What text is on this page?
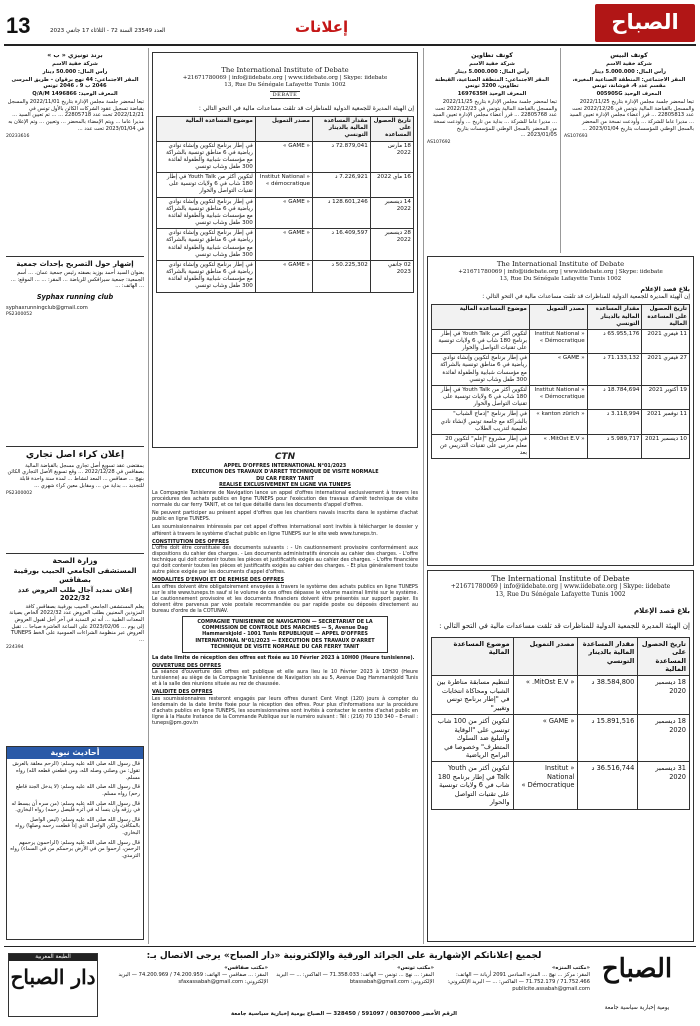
13	العدد 23549 السنة 72 - الثلاثاء 17 جانفي 2023	إعلانات	الصباح

برند تونيزي « ب »

شركة خفية الاسم

رأس المال: 50.000 دينار

المقر الاجتماعي: 44 نهج برقوان – طريق المرسى 2046 ب 9 ، 2046 تونس

المعرف الوحيد: 1496866 Q/A/M

تبعا لمحضر جلسة مجلس الإدارة بتاريخ 2022/11/01 والمسجل بقباضة تسجيل عقود الشركات الكائن بالأول تونس في 2022/12/21 تحت عدد 22805718 ... ... تم تعيين السيد ... مديرا عاما ... ويتم الإمضاء بالمحضر ... وتعيين ... وتم الإعلان به في 2023/01/04 تحت عدد ...

20233616

إشهار حول التصريح بإحداث جمعية

بعنوان السيد أحمد بوزيد بصفته رئيس جمعية عمان. ... أسم الجمعية: جمعية سيرافكس للرياضة ... المقر: ... ... الموقع: ... ... الهاتف: ...

Syphax running club

syphaxrunningclub@gmail.com

PS2300052

إعلان كراء أصل تجاري

بمقتضى عقد تسويغ أصل تجاري مسجل بالقباضة المالية بصفاقس في 2022/12/28 ... وقع تسويغ الأصل التجاري الكائن بنهج ... صفاقس ... المعد لنشاط ... لمدة سنة واحدة قابلة للتجديد ... بداية من ... ومقابل معين كراء شهري ...

PS2300002

وزارة الصحة

المستشفى الجامعي الحبيب بورقيبة بصفاقس

إعلان تمديد آجال طلب العروض عدد 2022/32

يعلم المستشفى الجامعي الحبيب بورقيبة بصفاقس كافة المزودين المعنيين بطلب العروض عدد 2022/32 الخاص بصيانة المعدات الطبية ... أنه تم التمديد في آخر أجل لقبول العروض إلى يوم ... 2023/02/06 على الساعة العاشرة صباحا ... تقبل العروض عبر منظومة الشراءات العمومية على الخط TUNEPS ...

224394

أحاديث نبوية

قال رسول الله صلى الله عليه وسلم: (الرحم معلقة بالعرش تقول: من وصلني وصله الله، ومن قطعني قطعه الله) رواه مسلم.

قال رسول الله صلى الله عليه وسلم: (لا يدخل الجنة قاطع رحم) رواه مسلم.

قال رسول الله صلى الله عليه وسلم: (من سره أن يبسط له في رزقه وأن ينسأ له في أثره فليصل رحمه) رواه البخاري.

قال رسول الله صلى الله عليه وسلم: (ليس الواصل بالمكافئ، ولكن الواصل الذي إذا قطعت رحمه وصلها) رواه البخاري.

قال رسول الله صلى الله عليه وسلم: (الراحمون يرحمهم الرحمن، ارحموا من في الأرض يرحمكم من في السماء) رواه الترمذي.

The International Institute of Debate

+21671780069 | info@iidebate.org | www.iidebate.org | Skype: iidebate

13, Rue Du Sénégale Lafayette Tunis 1002

DEBATE

إن الهيئة المديرة للجمعية الدولية للمناظرات قد تلقت مساعدات مالية في التحو التالي :

تاريخ الحصول على المساعدة	مقدار المساعدة المالية بالدينار التونسي	مصدر التمويل	موضوع المساعدة المالية
18 مارس 2022	72.879,041 د	« GAME »	في إطار برنامج لتكوين وإنشاء نوادي رياضية في 6 مناطق تونسية بالشراكة مع مؤسسات شبابية والطفولة لفائدة 300 طفل وشاب تونسي
16 ماي 2022	7.226,921 د	« Institut National démocratique »	لتكوين أكثر من Youth Talk في إطار 180 شاب في 6 ولايات تونسية على تقنيات التواصل والحوار
14 ديسمبر 2022	128.601,246 د	« GAME »	في إطار برنامج لتكوين وإنشاء نوادي رياضية في 6 مناطق تونسية بالشراكة مع مؤسسات شبابية والطفولة لفائدة 300 طفل وشاب تونسي
28 ديسمبر 2022	16.409,597 د	« GAME »	في إطار برنامج لتكوين وإنشاء نوادي رياضية في 6 مناطق تونسية بالشراكة مع مؤسسات شبابية والطفولة لفائدة 300 طفل وشاب تونسي
02 جانفي 2023	50.225,302 د	« GAME »	في إطار برنامج لتكوين وإنشاء نوادي رياضية في 6 مناطق تونسية بالشراكة مع مؤسسات شبابية والطفولة لفائدة 300 طفل وشاب تونسي
CTN
APPEL D'OFFRES INTERNATIONAL N°01/2023
EXECUTION DES TRAVAUX D'ARRET TECHNIQUE DE VISITE NORMALE
DU CAR FERRY TANIT
REALISE EXCLUSIVEMENT EN LIGNE VIA TUNEPS

La Compagnie Tunisienne de Navigation lance un appel d'offres international exclusivement à travers les procédures des achats publics en ligne TUNEPS pour l'exécution des travaux d'arrêt technique de visite normale du car ferry TANIT, et ce tel que détaillé dans les documents d'appel d'offres.

Ne peuvent participer au présent appel d'offres que les chantiers navals inscrits dans le système d'achat public en ligne TUNEPS.

Les soumissionnaires intéressés par cet appel d'offres international sont invités à télécharger le dossier y afférent à travers le système d'achat public en ligne TUNEPS sur le site web www.tuneps.tn.

CONSTITUTION DES OFFRES

L'offre doit être constituée des documents suivants : - Un cautionnement provisoire conformément aux dispositions du cahier des charges. - Les documents administratifs énoncés au cahier des charges. - L'offre technique qui doit contenir toutes les pièces et justificatifs exigés au cahier des charges. - L'offre financière qui doit contenir toutes les pièces et justificatifs exigés au cahier des charges. - Et plus généralement toute autre pièce exigée par les documents d'appel d'offres.

MODALITES D'ENVOI ET DE REMISE DES OFFRES

Les offres doivent être obligatoirement envoyées à travers le système des achats publics en ligne TUNEPS sur le site www.tuneps.tn sauf si le volume de ces offres dépasse le volume maximal limité sur le système. Le cautionnement provisoire et les documents financiers doivent être présentés sur support papier. Ils doivent être parvenus par voie postale recommandée ou par rapide poste ou déposés directement au bureau d'ordre de la COTUNAV.

COMPAGNIE TUNISIENNE DE NAVIGATION — SECRETARIAT DE LA COMMISSION DE CONTROLE DES MARCHES — 5, Avenue Dag Hammarskjold - 1001 Tunis REPUBLIQUE — APPEL D'OFFRES INTERNATIONAL N°01/2023 — EXECUTION DES TRAVAUX D'ARRET TECHNIQUE DE VISITE NORMALE DU CAR FERRY TANIT

La date limite de réception des offres est fixée au 10 Février 2023 à 10H00 (Heure tunisienne).

OUVERTURE DES OFFRES

La séance d'ouverture des offres est publique et elle aura lieu le 10 Février 2023 à 10H30 (Heure tunisienne) au siège de la Compagnie Tunisienne de Navigation sis au 5, Avenue Dag Hammarskjold Tunis et à la salle des réunions située au rez de chaussée.

VALIDITE DES OFFRES

Les soumissionnaires resteront engagés par leurs offres durant Cent Vingt (120) jours à compter du lendemain de la date limite fixée pour la réception des offres. Pour plus d'informations sur la procédure d'achats publics en ligne TUNEPS, les soumissionnaires sont invités à contacter le centre d'achat public en ligne à la Haute Instance de la Commande Publique sur le numéro suivant : Tél : (216) 70 130 340 – E-mail : tuneps@pm.gov.tn

كونف تطاوين

شركة خفية الاسم

رأس المال: 5.000.000 دينار

المقر الاجتماعي: المنطقة الصناعية، القيطنة تطاوين، 3200 تونس

المعرف الوحيد 1697635H

تبعا لمحضر جلسة مجلس الإدارة بتاريخ 2022/11/25 والمسجل بالقباضة المالية بتونس في 2022/12/23 تحت عدد 22805768 ... قرر أعضاء مجلس الإدارة تعيين السيد ... مديرا عاما للشركة ... بداية من تاريخ ... وأودعت نسخة من المحضر بالسجل الوطني للمؤسسات بتاريخ 2023/01/05 ...

AS107692

كونف البيس

شركة خفية الاسم

رأس المال: 5.000.000 دينار

المقر الاجتماعي: المنطقة الصناعية المغيرة، مقسم عدد 4، فوشانة، تونس

المعرف الوحيد 005905G

تبعا لمحضر جلسة مجلس الإدارة بتاريخ 2022/11/25 والمسجل بالقباضة المالية بتونس في 2022/12/26 تحت عدد 22805813 ... قرر أعضاء مجلس الإدارة تعيين السيد ... مديرا عاما للشركة ... وأودعت نسخة من المحضر بالسجل الوطني للمؤسسات بتاريخ 2023/01/04 ...

AS107693

The International Institute of Debate

+21671780069 | info@iidebate.org | www.iidebate.org | Skype: iidebate

13, Rue Du Sénégale Lafayette Tunis 1002

بلاغ قصد الإعلام

إن الهيئة المديرة للجمعية الدولية للمناظرات قد تلقت مساعدات مالية في التحو التالي :

تاريخ الحصول على المساعدة المالية	مقدار المساعدة المالية بالدينار التونسي	مصدر التمويل	موضوع المساعدة المالية
11 فيفري 2021	65.955,176 د	« Institut National Démocratique »	لتكوين أكثر من Youth Talk في إطار برنامج 180 شاب في 6 ولايات تونسية على تقنيات التواصل والحوار
27 فيفري 2021	71.133,132 د	« GAME »	في إطار برنامج لتكوين وإنشاء نوادي رياضية في 6 مناطق تونسية بالشراكة مع مؤسسات شبابية والطفولة لفائدة 300 طفل وشاب تونسي
19 أكتوبر 2021	18.784,694 د	« Institut National Démocratique »	لتكوين أكثر من Youth Talk في إطار 180 شاب في 6 ولايات تونسية على تقنيات التواصل والحوار
11 نوفمبر 2021	3.118,994 د	« kanton zürich »	في إطار برنامج "إدماج الشباب" بالشراكة مع جامعة تونس لإنشاء نادي تعليمية لتدريب الطلاب
10 ديسمبر 2021	5.989,717 د	« MitOst E.V. »	في إطار مشروع "إعلم" لتكوين 20 معلم مدرس على تقنيات التدريس عن بعد

The International Institute of Debate

+21671780069 | info@iidebate.org | www.iidebate.org | Skype: iidebate

13, Rue Du Sénégale Lafayette Tunis 1002

بلاغ قصد الإعلام

إن الهيئة المديرة للجمعية الدولية للمناظرات قد تلقت مساعدات مالية في التحو التالي :

تاريخ الحصول على المساعدة المالية	مقدار المساعدة المالية بالدينار التونسي	مصدر التمويل	موضوع المساعدة المالية
18 ديسمبر 2020	38.584,800 د	« MitOst E.V. »	لتنظيم مسابقة مناظرة بين الشباب ومحاكاة انتخابات في "إطار برنامج تونس وتغيير"
18 ديسمبر 2020	15.891,516 د	« GAME »	لتكوين أكثر من 100 شاب تونسي على "الوقاية والتبليغ ضد السلوك المتطرف" وخصوصا في البرامج الرياضية
31 ديسمبر 2020	36.516,744 د	« Institut National Démocratique »	لتكوين أكثر من Youth Talk في إطار برنامج 180 شاب في 6 ولايات تونسية على تقنيات التواصل والحوار
لجميع إعلاناتكم الإشهارية على الجرائد الورقية والإلكترونية «دار الصباح» يرجى الاتصال بـ:
«مكتب المنزه»
المقر: مركز ... نهج ... المنزه السادس 2091 أريانة — الهاتف: 71.752.466 / 71.752.179 — الفاكس: ... — البريد الإلكتروني: publicite.assabah@gmail.com
«مكتب تونس»
المقر: ... نهج ... تونس — الهاتف: 71.358.033 — الفاكس: ... — البريد الإلكتروني: btassabah@gmail.com
«مكتب صفاقس»
المقر: ... صفاقس — الهاتف: 74.200.959 / 74.200.969 — البريد الإلكتروني: sfaxassabah@gmail.com
الرقم الأخضر 08307000 / 591097 / 328450 — الصباح يومية إخبارية سياسية جامعة
الصباح
يومية إخبارية سياسية جامعة
الطبعة المغربية
دار الصباح
